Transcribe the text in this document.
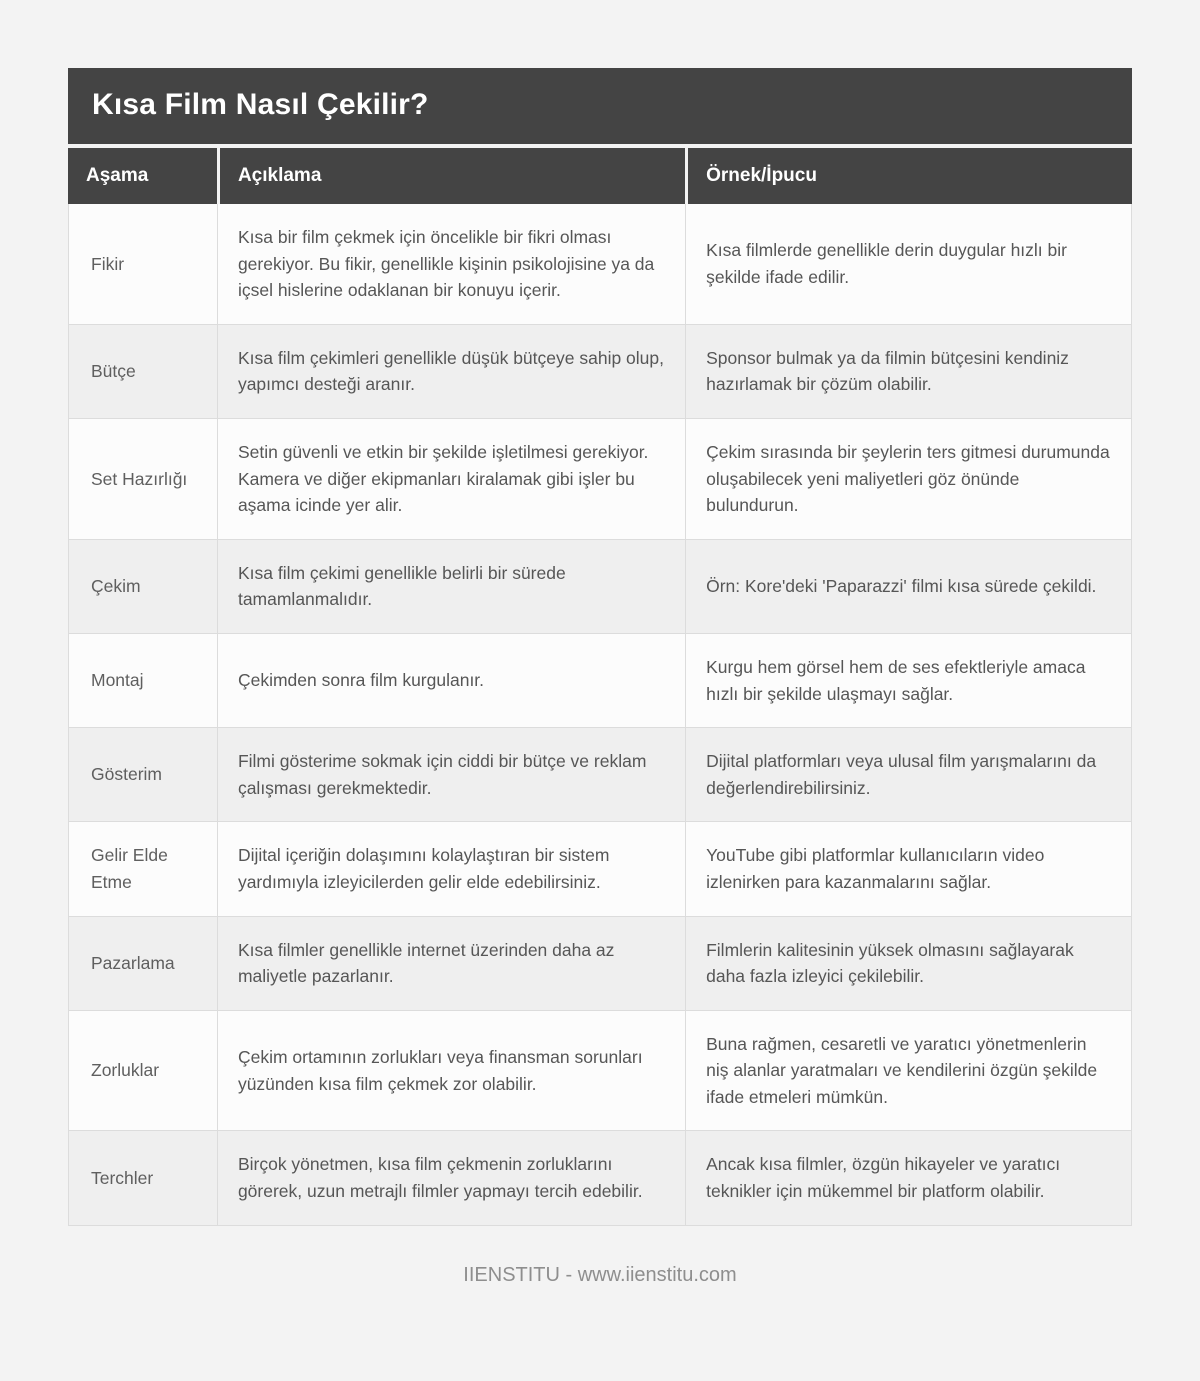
Kısa Film Nasıl Çekilir?
Aşama	Açıklama	Örnek/İpucu
Fikir	Kısa bir film çekmek için öncelikle bir fikri olması gerekiyor. Bu fikir, genellikle kişinin psikolojisine ya da içsel hislerine odaklanan bir konuyu içerir.	Kısa filmlerde genellikle derin duygular hızlı bir şekilde ifade edilir.
Bütçe	Kısa film çekimleri genellikle düşük bütçeye sahip olup, yapımcı desteği aranır.	Sponsor bulmak ya da filmin bütçesini kendiniz hazırlamak bir çözüm olabilir.
Set Hazırlığı	Setin güvenli ve etkin bir şekilde işletilmesi gerekiyor. Kamera ve diğer ekipmanları kiralamak gibi işler bu aşama icinde yer alir.	Çekim sırasında bir şeylerin ters gitmesi durumunda oluşabilecek yeni maliyetleri göz önünde bulundurun.
Çekim	Kısa film çekimi genellikle belirli bir sürede tamamlanmalıdır.	Örn: Kore'deki 'Paparazzi' filmi kısa sürede çekildi.
Montaj	Çekimden sonra film kurgulanır.	Kurgu hem görsel hem de ses efektleriyle amaca hızlı bir şekilde ulaşmayı sağlar.
Gösterim	Filmi gösterime sokmak için ciddi bir bütçe ve reklam çalışması gerekmektedir.	Dijital platformları veya ulusal film yarışmalarını da değerlendirebilirsiniz.
Gelir Elde Etme	Dijital içeriğin dolaşımını kolaylaştıran bir sistem yardımıyla izleyicilerden gelir elde edebilirsiniz.	YouTube gibi platformlar kullanıcıların video izlenirken para kazanmalarını sağlar.
Pazarlama	Kısa filmler genellikle internet üzerinden daha az maliyetle pazarlanır.	Filmlerin kalitesinin yüksek olmasını sağlayarak daha fazla izleyici çekilebilir.
Zorluklar	Çekim ortamının zorlukları veya finansman sorunları yüzünden kısa film çekmek zor olabilir.	Buna rağmen, cesaretli ve yaratıcı yönetmenlerin niş alanlar yaratmaları ve kendilerini özgün şekilde ifade etmeleri mümkün.
Terchler	Birçok yönetmen, kısa film çekmenin zorluklarını görerek, uzun metrajlı filmler yapmayı tercih edebilir.	Ancak kısa filmler, özgün hikayeler ve yaratıcı teknikler için mükemmel bir platform olabilir.
IIENSTITU - www.iienstitu.com
